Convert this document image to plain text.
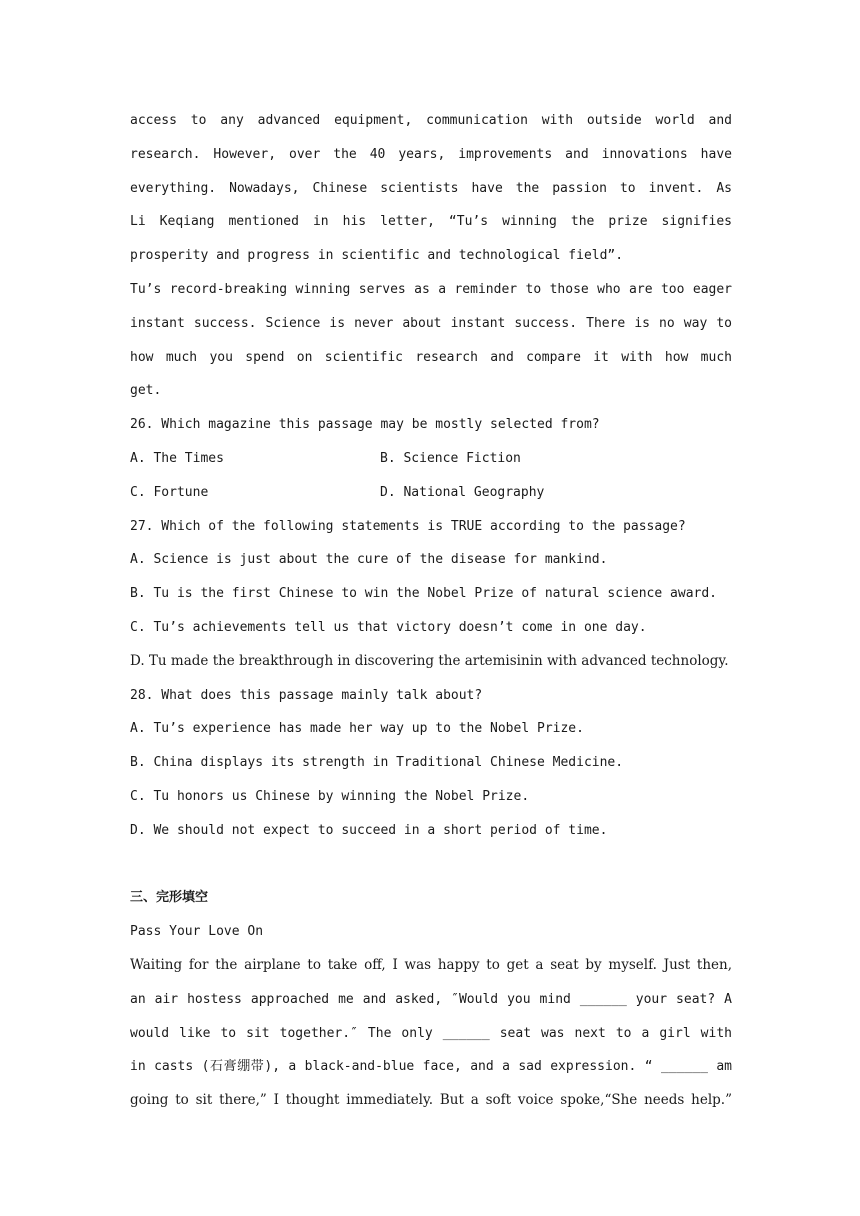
access to any advanced equipment, communication with outside world and
research. However, over the 40 years, improvements and innovations have
everything. Nowadays, Chinese scientists have the passion to invent. As
Li Keqiang mentioned in his letter, “Tu’s winning the prize signifies
prosperity and progress in scientific and technological field”.
Tu’s record-breaking winning serves as a reminder to those who are too eager
instant success. Science is never about instant success. There is no way to
how much you spend on scientific research and compare it with how much
get.
26. Which magazine this passage may be mostly selected from?
A. The Times	B. Science Fiction
C. Fortune	D. National Geography
27. Which of the following statements is TRUE according to the passage?
A. Science is just about the cure of the disease for mankind.
B. Tu is the first Chinese to win the Nobel Prize of natural science award.
C. Tu’s achievements tell us that victory doesn’t come in one day.
D. Tu made the breakthrough in discovering the artemisinin with advanced technology.
28. What does this passage mainly talk about?
A. Tu’s experience has made her way up to the Nobel Prize.
B. China displays its strength in Traditional Chinese Medicine.
C. Tu honors us Chinese by winning the Nobel Prize.
D. We should not expect to succeed in a short period of time.
三、完形填空
Pass Your Love On
Waiting for the airplane to take off, I was happy to get a seat by myself. Just then,
an air hostess approached me and asked, ″Would you mind ______ your seat? A
would like to sit together.″ The only ______ seat was next to a girl with
in casts (石膏绷带), a black-and-blue face, and a sad expression. “ ______ am
going to sit there,” I thought immediately. But a soft voice spoke,“She needs help.”
